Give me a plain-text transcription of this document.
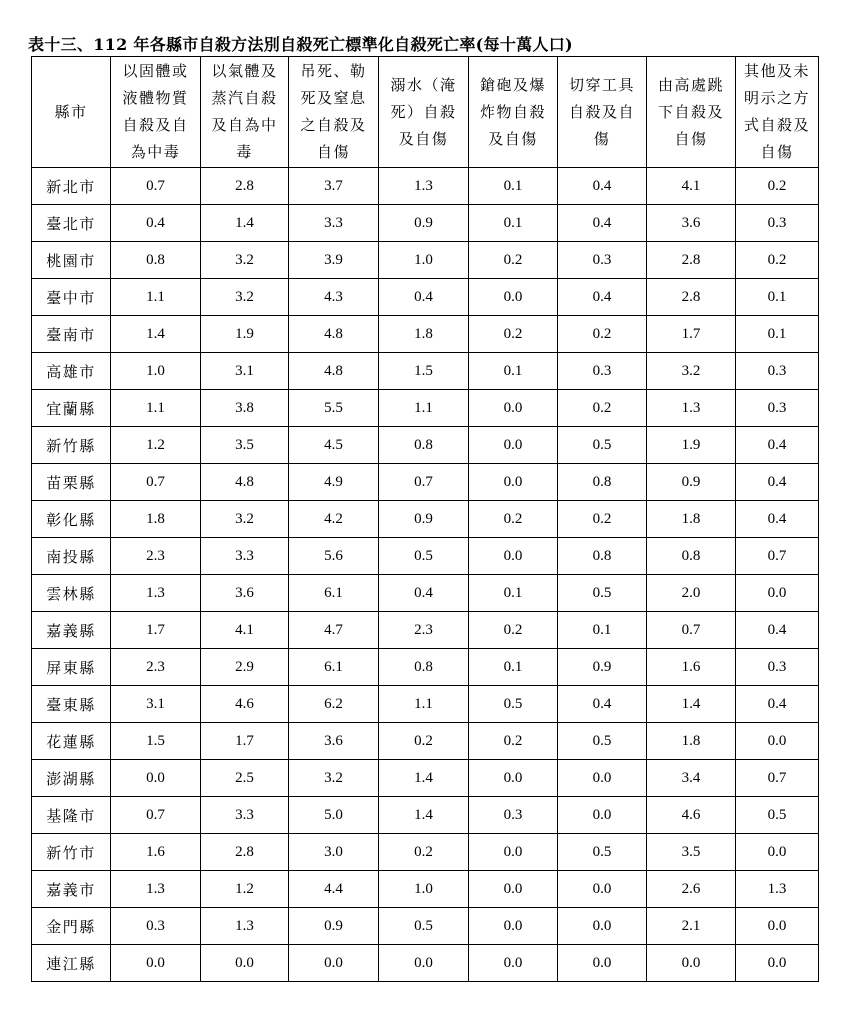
表十三、112 年各縣市自殺方法別自殺死亡標準化自殺死亡率(每十萬人口)
縣市	以固體或
液體物質
自殺及自
為中毒	以氣體及
蒸汽自殺
及自為中
毒	吊死、勒
死及窒息
之自殺及
自傷	溺水（淹
死）自殺
及自傷	鎗砲及爆
炸物自殺
及自傷	切穿工具
自殺及自
傷	由高處跳
下自殺及
自傷	其他及未
明示之方
式自殺及
自傷

新北市	0.7	2.8	3.7	1.3	0.1	0.4	4.1	0.2
臺北市	0.4	1.4	3.3	0.9	0.1	0.4	3.6	0.3
桃園市	0.8	3.2	3.9	1.0	0.2	0.3	2.8	0.2
臺中市	1.1	3.2	4.3	0.4	0.0	0.4	2.8	0.1
臺南市	1.4	1.9	4.8	1.8	0.2	0.2	1.7	0.1
高雄市	1.0	3.1	4.8	1.5	0.1	0.3	3.2	0.3
宜蘭縣	1.1	3.8	5.5	1.1	0.0	0.2	1.3	0.3
新竹縣	1.2	3.5	4.5	0.8	0.0	0.5	1.9	0.4
苗栗縣	0.7	4.8	4.9	0.7	0.0	0.8	0.9	0.4
彰化縣	1.8	3.2	4.2	0.9	0.2	0.2	1.8	0.4
南投縣	2.3	3.3	5.6	0.5	0.0	0.8	0.8	0.7
雲林縣	1.3	3.6	6.1	0.4	0.1	0.5	2.0	0.0
嘉義縣	1.7	4.1	4.7	2.3	0.2	0.1	0.7	0.4
屏東縣	2.3	2.9	6.1	0.8	0.1	0.9	1.6	0.3
臺東縣	3.1	4.6	6.2	1.1	0.5	0.4	1.4	0.4
花蓮縣	1.5	1.7	3.6	0.2	0.2	0.5	1.8	0.0
澎湖縣	0.0	2.5	3.2	1.4	0.0	0.0	3.4	0.7
基隆市	0.7	3.3	5.0	1.4	0.3	0.0	4.6	0.5
新竹市	1.6	2.8	3.0	0.2	0.0	0.5	3.5	0.0
嘉義市	1.3	1.2	4.4	1.0	0.0	0.0	2.6	1.3
金門縣	0.3	1.3	0.9	0.5	0.0	0.0	2.1	0.0
連江縣	0.0	0.0	0.0	0.0	0.0	0.0	0.0	0.0
